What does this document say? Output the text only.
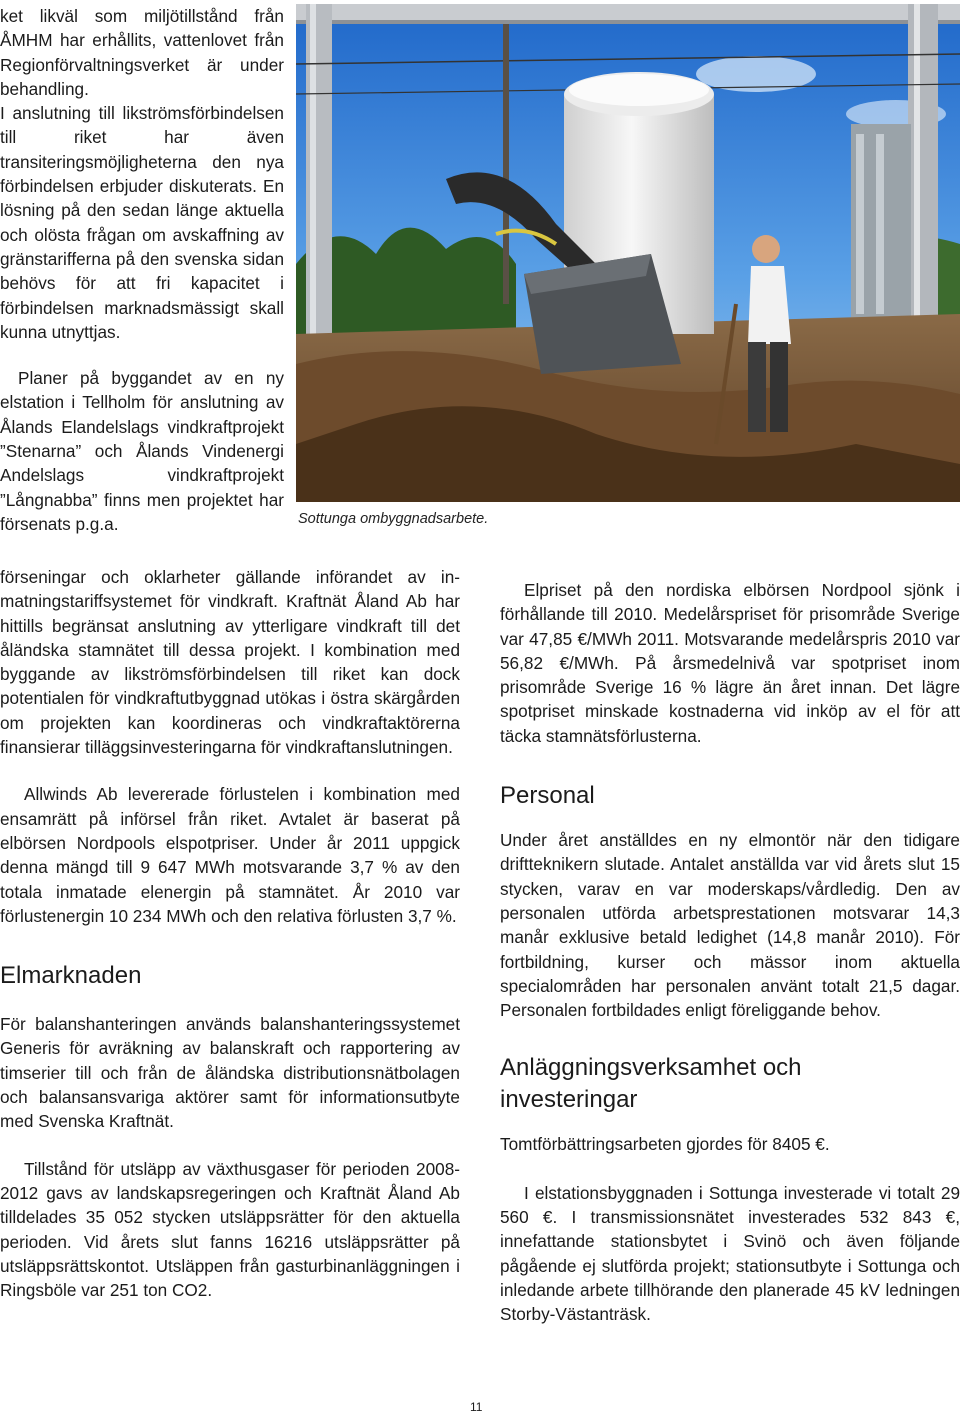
ket likväl som miljötillstånd från ÅMHM har erhållits, vattenlovet från Regionförvaltningsverket är under behandling.

I anslutning till likströmsförbindelsen till riket har även transiteringsmöjligheterna den nya förbindelsen erbjuder diskuterats. En lösning på den sedan länge aktuella och olösta frågan om avskaffning av gränstarifferna på den svenska sidan behövs för att fri kapacitet i förbindelsen marknadsmässigt skall kunna utnyttjas.

Planer på byggandet av en ny elstation i Tellholm för anslutning av Ålands Elandelslags vindkraftprojekt ”Stenarna” och Ålands Vindenergi Andelslags vindkraftprojekt ”Långnabba” finns men projektet har försenats p.g.a.	Sottunga ombyggnadsarbete.

förseningar och oklarheter gällande införandet av inmatningstariffsystemet för vindkraft. Kraftnät Åland Ab har hittills begränsat anslutning av ytterligare vindkraft till det åländska stamnätet till dessa projekt. I kombination med byggande av likströmsförbindelsen till riket kan dock potentialen för vindkraftutbyggnad utökas i östra skärgården om projekten kan koordineras och vindkraftaktörerna finansierar tilläggsinvesteringarna för vindkraftanslutningen.

Allwinds Ab levererade förlustelen i kombination med ensamrätt på införsel från riket. Avtalet är baserat på elbörsen Nordpools elspotpriser. Under år 2011 uppgick denna mängd till 9 647 MWh motsvarande 3,7 % av den totala inmatade elenergin på stamnätet. År 2010 var förlustenergin 10 234 MWh och den relativa förlusten 3,7 %.

Elmarknaden

För balanshanteringen används balanshanteringssystemet Generis för avräkning av balanskraft och rapportering av timserier till och från de åländska distributionsnätbolagen och balansansvariga aktörer samt för informationsutbyte med Svenska Kraftnät.

Tillstånd för utsläpp av växthusgaser för perioden 2008-2012 gavs av landskapsregeringen och Kraftnät Åland Ab tilldelades 35 052 stycken utsläppsrätter för den aktuella perioden. Vid årets slut fanns 16216 utsläppsrätter på utsläppsrättskontot. Utsläppen från gasturbinanläggningen i Ringsböle var 251 ton CO2.

Elpriset på den nordiska elbörsen Nordpool sjönk i förhållande till 2010. Medelårspriset för prisområde Sverige var 47,85 €/MWh 2011. Motsvarande medelårspris 2010 var 56,82 €/MWh. På årsmedelnivå var spotpriset inom prisområde Sverige 16 % lägre än året innan. Det lägre spotpriset minskade kostnaderna vid inköp av el för att täcka stamnätsförlusterna.

Personal

Under året anställdes en ny elmontör när den tidigare driftteknikern slutade. Antalet anställda var vid årets slut 15 stycken, varav en var moderskaps/vårdledig. Den av personalen utförda arbetsprestationen motsvarar 14,3 manår exklusive betald ledighet (14,8 manår 2010). För fortbildning, kurser och mässor inom aktuella specialområden har personalen använt totalt 21,5 dagar. Personalen fortbildades enligt föreliggande behov.

Anläggningsverksamhet och investeringar

Tomtförbättringsarbeten gjordes för 8405 €.

I elstationsbyggnaden i Sottunga investerade vi totalt 29 560 €. I transmissionsnätet investerades 532 843 €, innefattande stationsbytet i Svinö och även följande pågående ej slutförda projekt; stationsutbyte i Sottunga och inledande arbete tillhörande den planerade 45 kV ledningen Storby-Västanträsk.

11
